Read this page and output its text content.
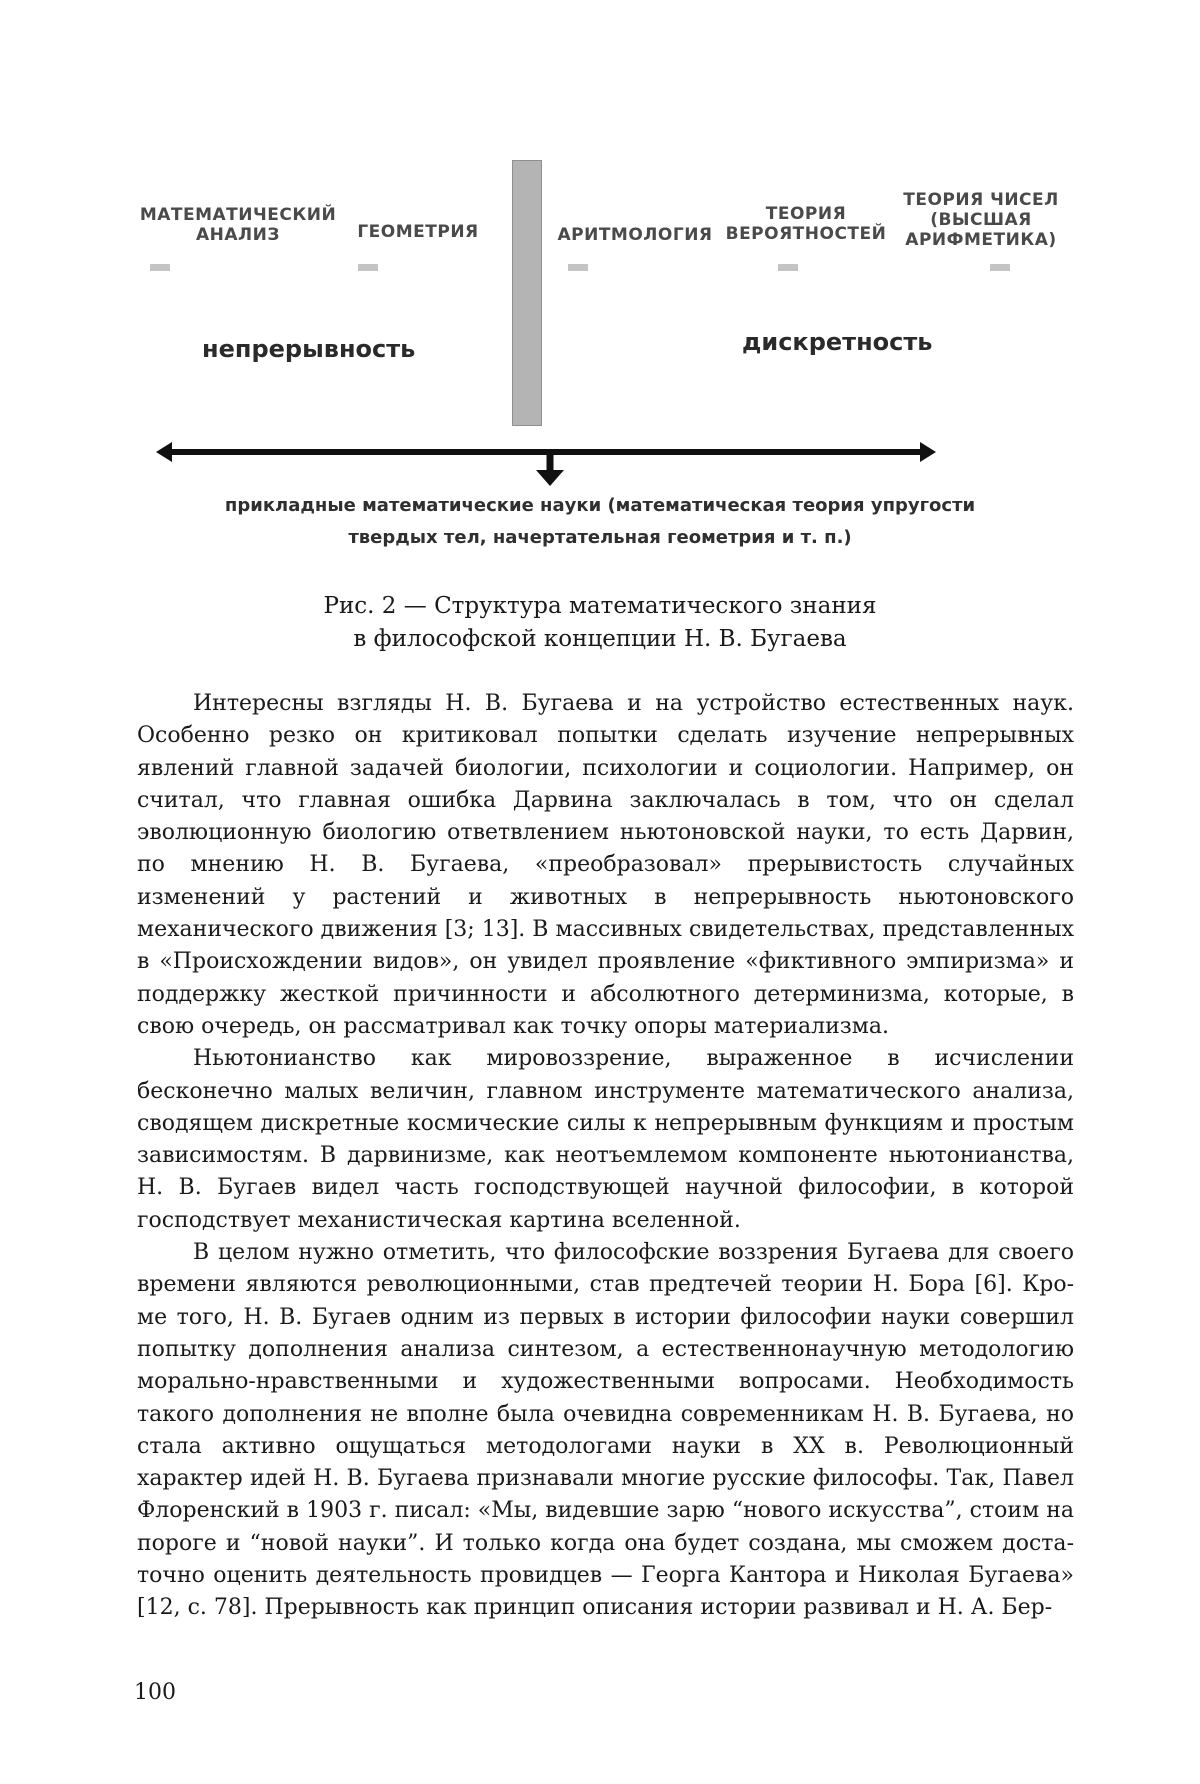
МАТЕМАТИЧЕСКИЙ
АНАЛИЗ	ГЕОМЕТРИЯ	АРИТМОЛОГИЯ
ТЕОРИЯ
ВЕРОЯТНОСТЕЙ
ТЕОРИЯ ЧИСЕЛ
(ВЫСШАЯ
АРИФМЕТИКА)
непрерывность	дискретность
прикладные математические науки (математическая теория упругости
твердых тел, начертательная геометрия и т. п.)
Рис. 2 — Структура математического знания
в философской концепции Н. В. Бугаева

Интересны взгляды Н. В. Бугаева и на устройство естественных наук. Осо­бенно резко он критиковал попытки сделать изучение непрерывных явлений главной задачей биологии, психологии и социологии. Например, он считал, что главная ошибка Дарвина заключалась в том, что он сделал эволюционную биологию ответвлением ньютоновской науки, то есть Дарвин, по мнению Н. В. Бугаева, «преобразовал» прерывистость случайных изменений у растений и животных в непрерывность ньютоновского механического движения [3; 13]. В массивных свидетельствах, представленных в «Происхождении видов», он увидел проявление «фиктивного эмпиризма» и поддержку жесткой причин­ности и абсолютного детерминизма, которые, в свою очередь, он рассматривал как точку опоры материализма.

Ньютонианство как мировоззрение, выраженное в исчислении бесконечно малых величин, главном инструменте математического анализа, сводящем дис­кретные космические силы к непрерывным функциям и простым зависимостям. В дарвинизме, как неотъемлемом компоненте ньютонианства, Н. В. Бугаев видел часть господствующей научной философии, в которой господствует механистическая картина вселенной.

В целом нужно отметить, что философские воззрения Бугаева для своего времени являются революционными, став предтечей теории Н. Бора [6]. Кро­ме того, Н. В. Бугаев одним из первых в истории философии науки совершил попытку дополнения анализа синтезом, а естественнонаучную методологию морально-нравственными и художественными вопросами. Необходимость такого дополнения не вполне была очевидна современникам Н. В. Бугаева, но стала активно ощущаться методологами науки в XX в. Революционный характер идей Н. В. Бугаева признавали многие русские философы. Так, Павел Флоренский в 1903 г. писал: «Мы, видевшие зарю “нового искусства”, стоим на пороге и “новой науки”. И только когда она будет создана, мы сможем доста­точно оценить деятельность провидцев — Георга Кантора и Николая Бугаева» [12, с. 78]. Прерывность как принцип описания истории развивал и Н. А. Бер-

100
